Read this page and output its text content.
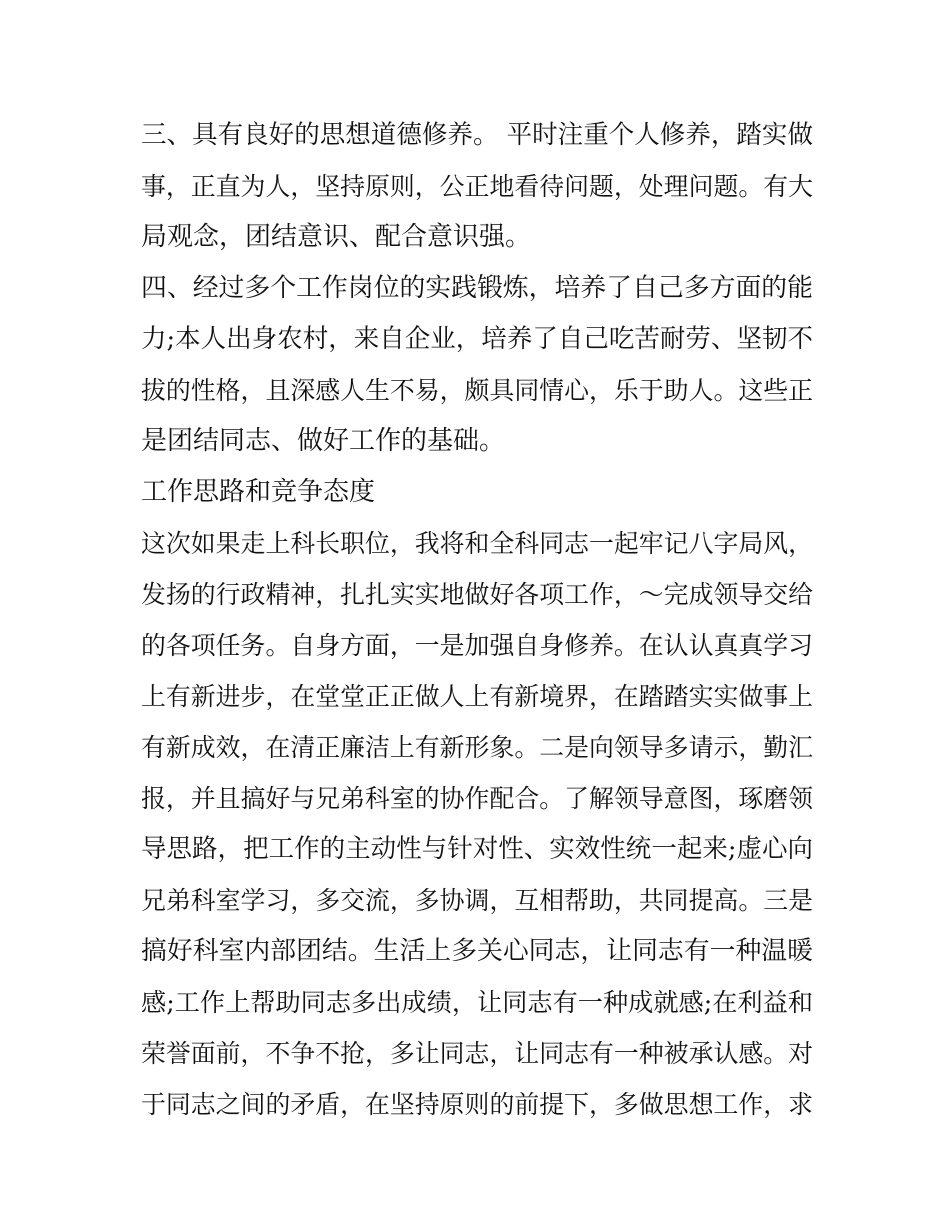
三、具有良好的思想道德修养。 平时注重个人修养，踏实做
事，正直为人，坚持原则，公正地看待问题，处理问题。有大
局观念，团结意识、配合意识强。
四、经过多个工作岗位的实践锻炼，培养了自己多方面的能
力;本人出身农村，来自企业，培养了自己吃苦耐劳、坚韧不
拔的性格，且深感人生不易，颇具同情心，乐于助人。这些正
是团结同志、做好工作的基础。
工作思路和竞争态度
这次如果走上科长职位，我将和全科同志一起牢记八字局风，
发扬的行政精神，扎扎实实地做好各项工作，～完成领导交给
的各项任务。自身方面，一是加强自身修养。在认认真真学习
上有新进步，在堂堂正正做人上有新境界，在踏踏实实做事上
有新成效，在清正廉洁上有新形象。二是向领导多请示，勤汇
报，并且搞好与兄弟科室的协作配合。了解领导意图，琢磨领
导思路，把工作的主动性与针对性、实效性统一起来;虚心向
兄弟科室学习，多交流，多协调，互相帮助，共同提高。三是
搞好科室内部团结。生活上多关心同志，让同志有一种温暖
感;工作上帮助同志多出成绩，让同志有一种成就感;在利益和
荣誉面前，不争不抢，多让同志，让同志有一种被承认感。对
于同志之间的矛盾，在坚持原则的前提下，多做思想工作，求
